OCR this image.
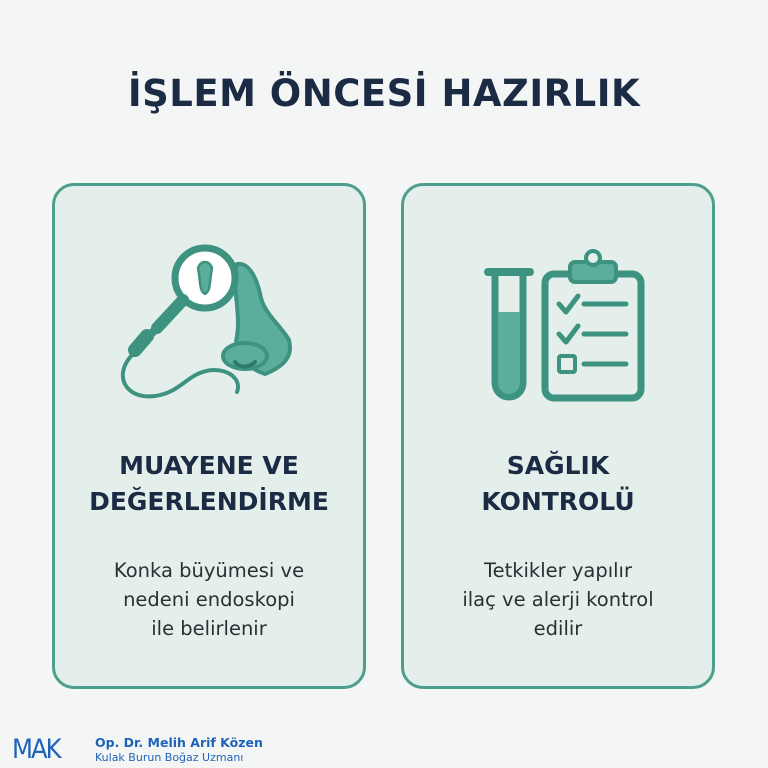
İŞLEM ÖNCESİ HAZIRLIK
MUAYENE VE
DEĞERLENDİRME

Konka büyümesi ve
nedeni endoskopi
ile belirlenir

SAĞLIK
KONTROLÜ

Tetkikler yapılır
ilaç ve alerji kontrol
edilir

MAK	Op. Dr. Melih Arif Közen
Kulak Burun Boğaz Uzmanı
